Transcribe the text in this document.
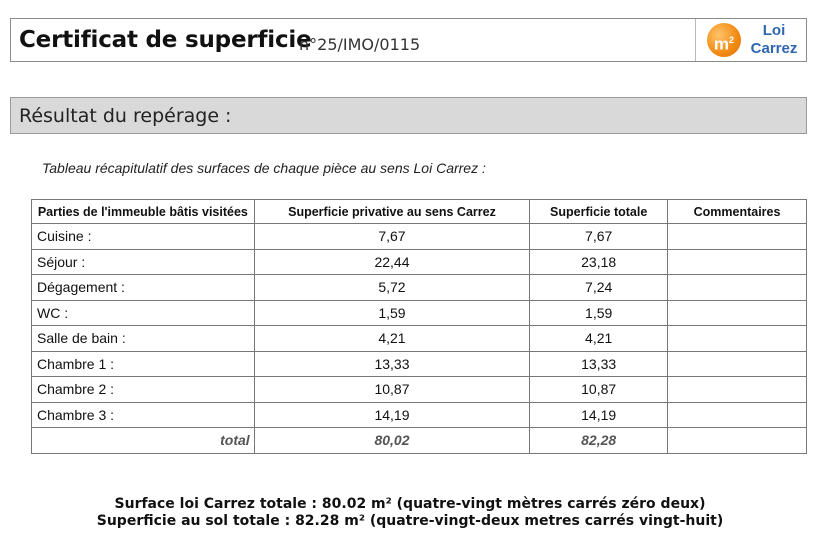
Certificat de superficie
n°25/IMO/0115	$m^2$
Loi
Carrez
Résultat du repérage :
Tableau récapitulatif des surfaces de chaque pièce au sens Loi Carrez :
Parties de l'immeuble bâtis visitées	Superficie privative au sens Carrez	Superficie totale	Commentaires
Cuisine :	7,67	7,67	
Séjour :	22,44	23,18	
Dégagement :	5,72	7,24	
WC :	1,59	1,59	
Salle de bain :	4,21	4,21	
Chambre 1 :	13,33	13,33	
Chambre 2 :	10,87	10,87	
Chambre 3 :	14,19	14,19	
total	80,02	82,28	
Surface loi Carrez totale : 80.02 m² (quatre-vingt mètres carrés zéro deux)
Superficie au sol totale : 82.28 m² (quatre-vingt-deux metres carrés vingt-huit)
